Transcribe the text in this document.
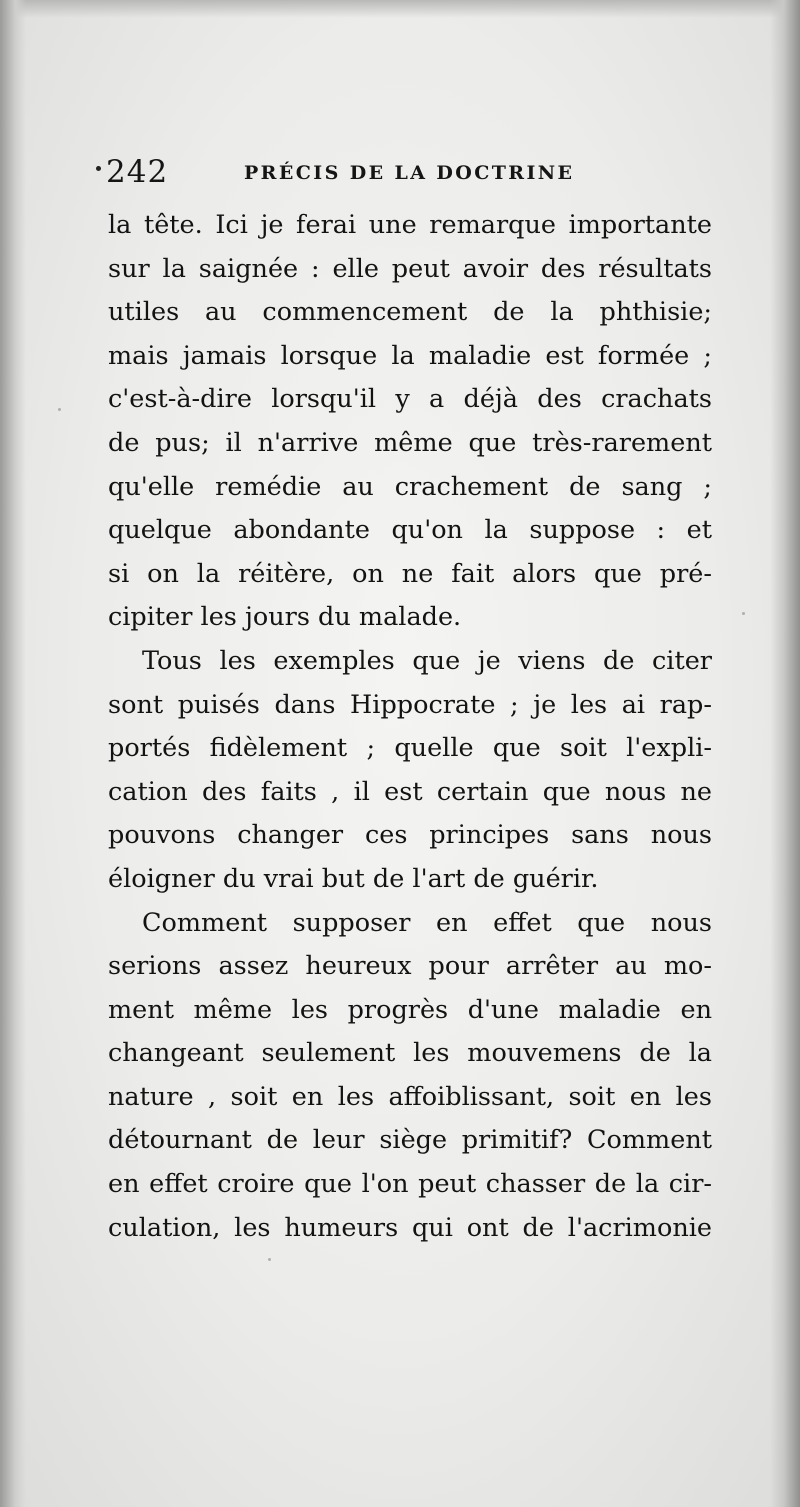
242	PRÉCIS DE LA DOCTRINE
la tête. Ici je ferai une remarque importante
sur la saignée : elle peut avoir des résultats
utiles au commencement de la phthisie;
mais jamais lorsque la maladie est formée ;
c'est-à-dire lorsqu'il y a déjà des crachats
de pus; il n'arrive même que très-rarement
qu'elle remédie au crachement de sang ;
quelque abondante qu'on la suppose : et
si on la réitère, on ne fait alors que pré-
cipiter les jours du malade.
Tous les exemples que je viens de citer
sont puisés dans Hippocrate ; je les ai rap-
portés fidèlement ; quelle que soit l'expli-
cation des faits , il est certain que nous ne
pouvons changer ces principes sans nous
éloigner du vrai but de l'art de guérir.
Comment supposer en effet que nous
serions assez heureux pour arrêter au mo-
ment même les progrès d'une maladie en
changeant seulement les mouvemens de la
nature , soit en les affoiblissant, soit en les
détournant de leur siège primitif? Comment
en effet croire que l'on peut chasser de la cir-
culation, les humeurs qui ont de l'acrimonie
